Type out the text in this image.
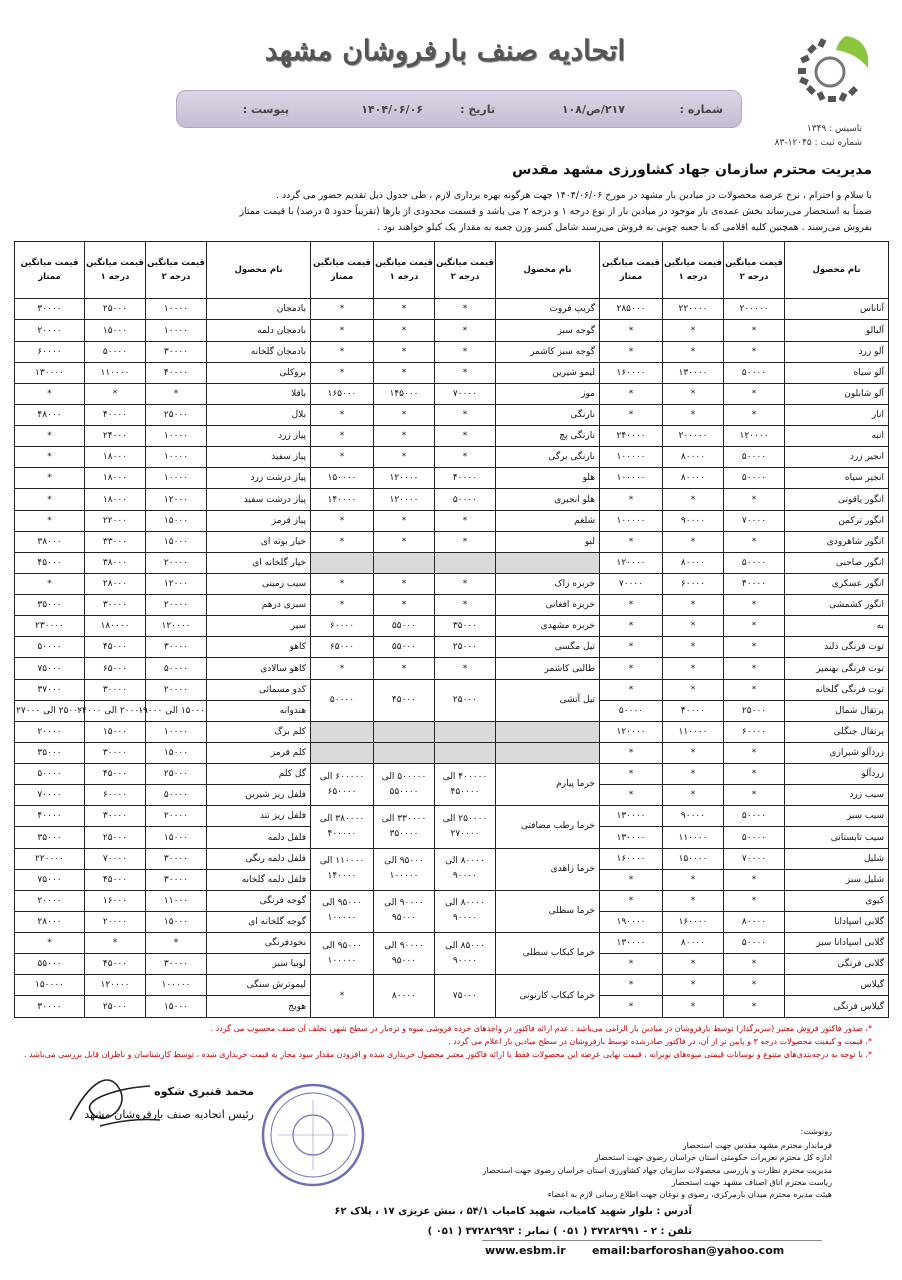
تاسیس : ۱۳۴۹
شماره ثبت : ۱۲۰۴۵-۸۳
اتحادیه صنف بارفروشان مشهد
شماره :
۲۱۷/ص/۱۰۸
تاریخ :
۱۴۰۴/۰۶/۰۶
پیوست :
مدیریت محترم سازمان جهاد کشاورزی مشهد مقدس
با سلام و احترام ، نرخ عرضه محصولات در میادین بار مشهد در مورخ ۱۴۰۴/۰۶/۰۶ جهت هرگونه بهره برداری لازم ، طی جدول ذیل تقدیم حضور می گردد .
ضمناً به استحضار می‌رساند بخش عمده‌ی بار موجود در میادین بار از نوع درجه ۱ و درجه ۲ می باشد و قسمت محدودی از بارها (تقریباً حدود ۵ درصد) با قیمت ممتاز
بفروش می‌رسند . همچنین کلیه اقلامی که با جعبه چوبی به فروش می‌رسند شامل کسر وزن جعبه به مقدار یک کیلو خواهند بود .
نام محصول	قیمت میانگین درجه ۲	قیمت میانگین درجه ۱	قیمت میانگین ممتاز	نام محصول	قیمت میانگین درجه ۲	قیمت میانگین درجه ۱	قیمت میانگین ممتاز	نام محصول	قیمت میانگین درجه ۲	قیمت میانگین درجه ۱	قیمت میانگین ممتاز	
آناناس	۲۰۰۰۰۰	۲۲۰۰۰۰	۲۸۵۰۰۰	گریپ فروت	*	*	*	بادمجان	۱۰۰۰۰	۲۵۰۰۰	۳۰۰۰۰	
آلبالو	*	*	*	گوجه سبز	*	*	*	بادمجان دلمه	۱۰۰۰۰	۱۵۰۰۰	۲۰۰۰۰	
آلو زرد	*	*	*	گوجه سبز کاشمر	*	*	*	بادمجان گلخانه	۳۰۰۰۰	۵۰۰۰۰	۶۰۰۰۰	
آلو سیاه	۵۰۰۰۰	۱۳۰۰۰۰	۱۶۰۰۰۰	لیمو شیرین	*	*	*	بروکلی	۴۰۰۰۰	۱۱۰۰۰۰	۱۳۰۰۰۰	
آلو شابلون	*	*	*	موز	۷۰۰۰۰	۱۴۵۰۰۰	۱۶۵۰۰۰	باقلا	*	*	*	
انار	*	*	*	نارنگی	*	*	*	بلال	۲۵۰۰۰	۴۰۰۰۰	۴۸۰۰۰	
انبه	۱۲۰۰۰۰	۲۰۰۰۰۰	۲۴۰۰۰۰	نارنگی پچ	*	*	*	پیاز زرد	۱۰۰۰۰	۲۴۰۰۰	*	
انجیر زرد	۵۰۰۰۰	۸۰۰۰۰	۱۰۰۰۰۰	نارنگی برگی	*	*	*	پیاز سفید	۱۰۰۰۰	۱۸۰۰۰	*	
انجیر سیاه	۵۰۰۰۰	۸۰۰۰۰	۱۰۰۰۰۰	هلو	۴۰۰۰۰	۱۲۰۰۰۰	۱۵۰۰۰۰	پیاز درشت زرد	۱۰۰۰۰	۱۸۰۰۰	*	
انگور یاقوتی	*	*	*	هلو انجیری	۵۰۰۰۰	۱۲۰۰۰۰	۱۴۰۰۰۰	پیاز درشت سفید	۱۲۰۰۰	۱۸۰۰۰	*	
انگور ترکمن	۷۰۰۰۰	۹۰۰۰۰	۱۰۰۰۰۰	شلغم	*	*	*	پیاز قرمز	۱۵۰۰۰	۲۲۰۰۰	*	
انگور شاهرودی	*	*	*	لبو	*	*	*	خیار بوته ای	۱۵۰۰۰	۳۳۰۰۰	۳۸۰۰۰	
انگور صاحبی	۵۰۰۰۰	۸۰۰۰۰	۱۲۰۰۰۰					خیار گلخانه ای	۲۰۰۰۰	۳۸۰۰۰	۴۵۰۰۰	
انگور عسکری	۴۰۰۰۰	۶۰۰۰۰	۷۰۰۰۰	خربزه زاک	*	*	*	سیب زمینی	۱۲۰۰۰	۲۸۰۰۰	*	
انگور کشمشی	*	*	*	خربزه افغانی	*	*	*	سبزی درهم	۲۰۰۰۰	۳۰۰۰۰	۳۵۰۰۰	
به	*	*	*	خربزه مشهدی	۳۵۰۰۰	۵۵۰۰۰	۶۰۰۰۰	سیر	۱۲۰۰۰۰	۱۸۰۰۰۰	۲۳۰۰۰۰	
توت فرنگی دلند	*	*	*	تیل مگسی	۲۵۰۰۰	۵۵۰۰۰	۶۵۰۰۰	کاهو	۳۰۰۰۰	۴۵۰۰۰	۵۰۰۰۰	
توت فرنگی بهنمیر	*	*	*	طالبی کاشمر	*	*	*	کاهو سالادی	۵۰۰۰۰	۶۵۰۰۰	۷۵۰۰۰	
توت فرنگی گلخانه	*	*	*	تیل آتشی	۲۵۰۰۰	۴۵۰۰۰	۵۰۰۰۰	کدو مسمائی	۲۰۰۰۰	۳۰۰۰۰	۳۷۰۰۰	
پرتقال شمال	۲۵۰۰۰	۴۰۰۰۰	۵۰۰۰۰					هندوانه	۱۵۰۰۰ الی ۱۹۰۰۰	۲۰۰۰۰ الی ۲۴۰۰۰	۲۵۰۰۰ الی ۲۷۰۰۰				
پرتقال جنگلی	۶۰۰۰۰	۱۱۰۰۰۰	۱۲۰۰۰۰					کلم برگ	۱۰۰۰۰	۱۵۰۰۰	۲۰۰۰۰	
زردآلو شیرازی	*	*	*					کلم قرمز	۱۵۰۰۰	۳۰۰۰۰	۳۵۰۰۰	
زردآلو	*	*	*	خرما پیارم	۴۰۰۰۰۰ الی ۴۵۰۰۰۰	۵۰۰۰۰۰ الی ۵۵۰۰۰۰	۶۰۰۰۰۰ الی ۶۵۰۰۰۰	گل کلم	۲۵۰۰۰	۴۵۰۰۰	۵۰۰۰۰	
سیب زرد	*	*	*					فلفل ریز شیرین	۵۰۰۰۰	۶۰۰۰۰	۷۰۰۰۰	
سیب سبز	۵۰۰۰۰	۹۰۰۰۰	۱۳۰۰۰۰	خرما رطب مضافتی	۲۵۰۰۰۰ الی ۲۷۰۰۰۰	۳۳۰۰۰۰ الی ۳۵۰۰۰۰	۳۸۰۰۰۰ الی ۴۰۰۰۰۰	فلفل ریز تند	۲۰۰۰۰	۳۰۰۰۰	۴۰۰۰۰	
سیب تابستانی	۵۰۰۰۰	۱۱۰۰۰۰	۱۳۰۰۰۰					فلفل دلمه	۱۵۰۰۰	۲۵۰۰۰	۳۵۰۰۰	
شلیل	۷۰۰۰۰	۱۵۰۰۰۰	۱۶۰۰۰۰	خرما زاهدی	۸۰۰۰۰ الی ۹۰۰۰۰	۹۵۰۰۰ الی ۱۰۰۰۰۰	۱۱۰۰۰۰ الی ۱۴۰۰۰۰	فلفل دلمه رنگی	۳۰۰۰۰	۷۰۰۰۰	۲۲۰۰۰۰	
شلیل سبز	*	*	*					فلفل دلمه گلخانه	۳۰۰۰۰	۴۵۰۰۰	۷۵۰۰۰	
کیوی	*	*	*	خرما سطلی	۸۰۰۰۰ الی ۹۰۰۰۰	۹۰۰۰۰ الی ۹۵۰۰۰	۹۵۰۰۰ الی ۱۰۰۰۰۰	گوجه فرنگی	۱۱۰۰۰	۱۶۰۰۰	۲۰۰۰۰	
گلابی اسپادانا	۸۰۰۰۰	۱۶۰۰۰۰	۱۹۰۰۰۰					گوجه گلخانه ای	۱۵۰۰۰	۲۰۰۰۰	۲۸۰۰۰	
گلابی اسپادانا سبز	۵۰۰۰۰	۸۰۰۰۰	۱۳۰۰۰۰	خرما کبکاب سطلی	۸۵۰۰۰ الی ۹۰۰۰۰	۹۰۰۰۰ الی ۹۵۰۰۰	۹۵۰۰۰ الی ۱۰۰۰۰۰	نخودفرنگی	*	*	*	
گلابی فرنگی	*	*	*					لوبیا سبز	۳۰۰۰۰	۴۵۰۰۰	۵۵۰۰۰	
گیلاس	*	*	*	خرما کبکاب کارتونی	۷۵۰۰۰	۸۰۰۰۰	*	لیموترش سنگی	۱۰۰۰۰۰	۱۲۰۰۰۰	۱۵۰۰۰۰	
گیلاس فرنگی	*	*	*					هویج	۱۵۰۰۰	۲۵۰۰۰	۳۰۰۰۰	
*، صدور فاکتور فروش معتبر (سربرگدار) توسط بارفروشان در میادین بار الزامی می‌باشد . عدم ارائه فاکتور در واحدهای خرده فروشی میوه و تره‌بار در سطح شهر، تخلف آن صنف محسوب می گردد .
*، قیمت و کیفیت محصولات درجه ۳ و پایین تر از آن، در فاکتور صادرشده توسط بارفروشان در سطح میادین بار اعلام می گردد .
*، با توجه به درجه‌بندی‌های متنوع و نوسانات قیمتی میوه‌های نوبرانه ، قیمت نهایی عرضه این محصولات فقط با ارائه فاکتور معتبر محصول خریداری شده و افزودن مقدار سود مجاز به قیمت خریداری شده ، توسط کارشناسان و ناظران قابل بررسی می‌باشد .
محمد قنبری شکوه
رئیس اتحادیه صنف بارفروشان مشهد
رونوشت:
فرماندار محترم مشهد مقدس جهت استحضار
اداره کل محترم تعزیرات حکومتی استان خراسان رضوی جهت استحضار
مدیریت محترم نظارت و بازرسی محصولات سازمان جهاد کشاورزی استان خراسان رضوی جهت استحضار
ریاست محترم اتاق اصناف مشهد جهت استحضار
هیئت مدیره محترم میدان بارمرکزی، رضوی و نوغان جهت اطلاع رسانی لازم به اعضاء
آدرس : بلوار شهید کامیاب، شهید کامیاب ۵۴/۱ ، نبش عزیزی ۱۷ ، پلاک ۶۲
تلفن : ۲ - ۳۷۲۸۲۹۹۱ ( ۰۵۱ ) نمابر : ۳۷۲۸۲۹۹۳ ( ۰۵۱ )
www.esbm.ir email:barforoshan@yahoo.com
